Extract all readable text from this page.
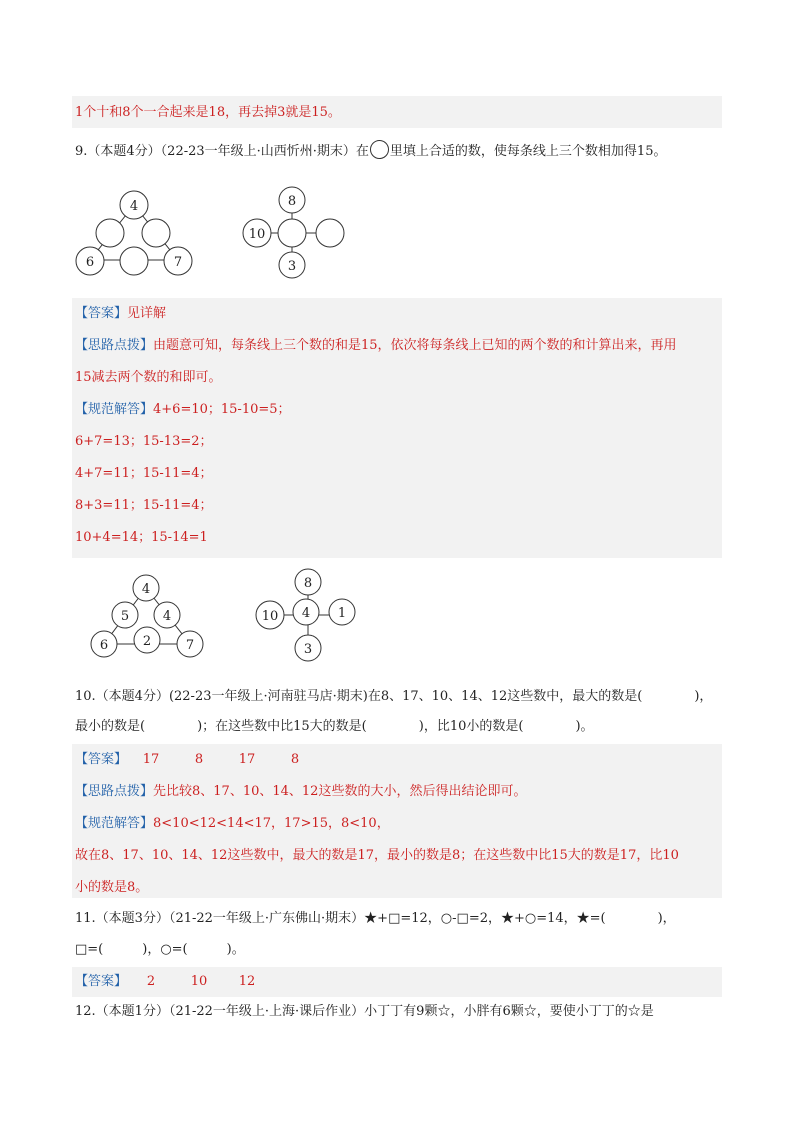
1个十和8个一合起来是18，再去掉3就是15。
9.（本题4分）（22-23一年级上·山西忻州·期末）在 里填上合适的数，使每条线上三个数相加得15。
4
6	7
8
10
3
【答案】见详解
【思路点拨】由题意可知，每条线上三个数的和是15，依次将每条线上已知的两个数的和计算出来，再用
15减去两个数的和即可。
【规范解答】4+6=10；15-10=5；
6+7=13；15-13=2；
4+7=11；15-11=4；
8+3=11；15-11=4；
10+4=14；15-14=1
4
5	4
6	2	7
8
10 4 1
3
10.（本题4分）(22-23一年级上·河南驻马店·期末)在8、17、10、14、12这些数中，最大的数是(　　　　)，
最小的数是(　　　　)；在这些数中比15大的数是(　　　　)，比10小的数是(　　　　)。
【答案】 17	8	17	8
【思路点拨】先比较8、17、10、14、12这些数的大小，然后得出结论即可。
【规范解答】8<10<12<14<17，17>15，8<10，
故在8、17、10、14、12这些数中，最大的数是17，最小的数是8；在这些数中比15大的数是17，比10
小的数是8。
11.（本题3分）（21-22一年级上·广东佛山·期末）★+□=12，○-□=2，★+○=14，★=(　　　　)，
□=(　　　)，○=(　　　)。
【答案】 2	10 12
12.（本题1分）（21-22一年级上·上海·课后作业）小丁丁有9颗☆，小胖有6颗☆，要使小丁丁的☆是
